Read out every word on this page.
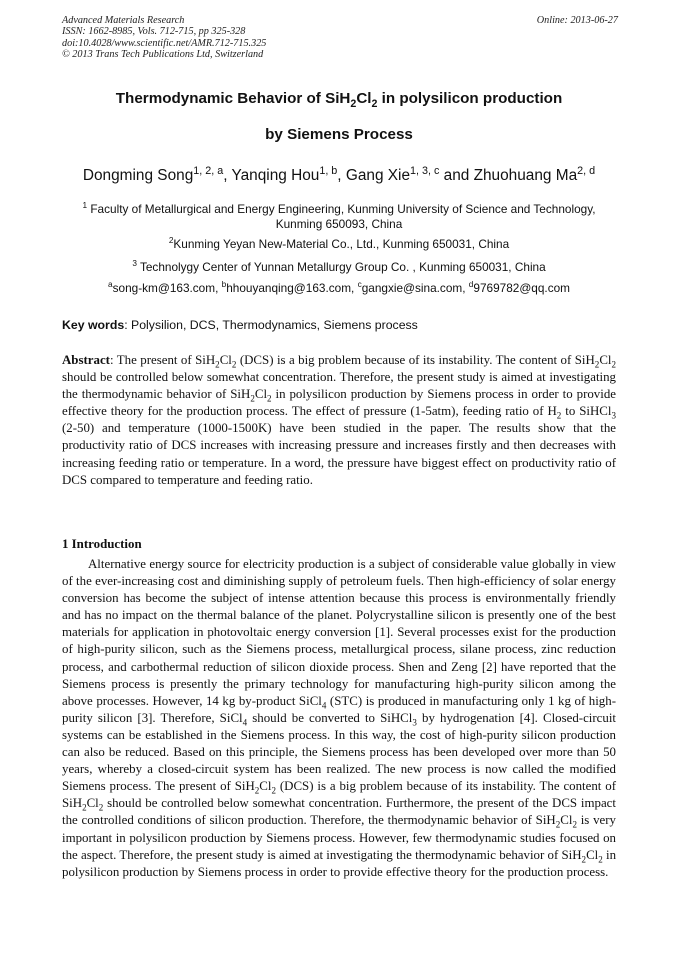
Advanced Materials Research
ISSN: 1662-8985, Vols. 712-715, pp 325-328
doi:10.4028/www.scientific.net/AMR.712-715.325
© 2013 Trans Tech Publications Ltd, Switzerland
Online: 2013-06-27
Thermodynamic Behavior of $SiH_2Cl_2$ in polysilicon production
by Siemens Process
Dongming Song$^{1, 2, a}$, Yanqing Hou$^{1, b}$, Gang Xie$^{1, 3, c}$ and Zhuohuang Ma$^{2, d}$
$^1$ Faculty of Metallurgical and Energy Engineering, Kunming University of Science and Technology,
Kunming 650093, China
$^2$Kunming Yeyan New-Material Co., Ltd., Kunming 650031, China
$^3$ Technolygy Center of Yunnan Metallurgy Group Co. , Kunming 650031, China
$^a$song-km@163.com, $^b$hhouyanqing@163.com, $^c$gangxie@sina.com, $^d$9769782@qq.com
Key words: Polysilion, DCS, Thermodynamics, Siemens process

Abstract: The present of $SiH_2Cl_2$ (DCS) is a big problem because of its instability. The content of $SiH_2Cl_2$ should be controlled below somewhat concentration. Therefore, the present study is aimed at investigating the thermodynamic behavior of $SiH_2Cl_2$ in polysilicon production by Siemens process in order to provide effective theory for the production process. The effect of pressure (1-5atm), feeding ratio of $H_2$ to SiHCl$_3$ (2-50) and temperature (1000-1500K) have been studied in the paper. The results show that the productivity ratio of DCS increases with increasing pressure and increases firstly and then decreases with increasing feeding ratio or temperature. In a word, the pressure have biggest effect on productivity ratio of DCS compared to temperature and feeding ratio.

1 Introduction

Alternative energy source for electricity production is a subject of considerable value globally in view of the ever-increasing cost and diminishing supply of petroleum fuels. Then high-efficiency of solar energy conversion has become the subject of intense attention because this process is environmentally friendly and has no impact on the thermal balance of the planet. Polycrystalline silicon is presently one of the best materials for application in photovoltaic energy conversion [1]. Several processes exist for the production of high-purity silicon, such as the Siemens process, metallurgical process, silane process, zinc reduction process, and carbothermal reduction of silicon dioxide process. Shen and Zeng [2] have reported that the Siemens process is presently the primary technology for manufacturing high-purity silicon among the above processes. However, 14 kg by-product SiCl$_4$ (STC) is produced in manufacturing only 1 kg of high-purity silicon [3]. Therefore, SiCl$_4$ should be converted to SiHCl$_3$ by hydrogenation [4]. Closed-circuit systems can be established in the Siemens process. In this way, the cost of high-purity silicon production can also be reduced. Based on this principle, the Siemens process has been developed over more than 50 years, whereby a closed-circuit system has been realized. The new process is now called the modified Siemens process. The present of $SiH_2Cl_2$ (DCS) is a big problem because of its instability. The content of $SiH_2Cl_2$ should be controlled below somewhat concentration. Furthermore, the present of the DCS impact the controlled conditions of silicon production. Therefore, the thermodynamic behavior of $SiH_2Cl_2$ is very important in polysilicon production by Siemens process. However, few thermodynamic studies focused on the aspect. Therefore, the present study is aimed at investigating the thermodynamic behavior of $SiH_2Cl_2$ in polysilicon production by Siemens process in order to provide effective theory for the production process.
